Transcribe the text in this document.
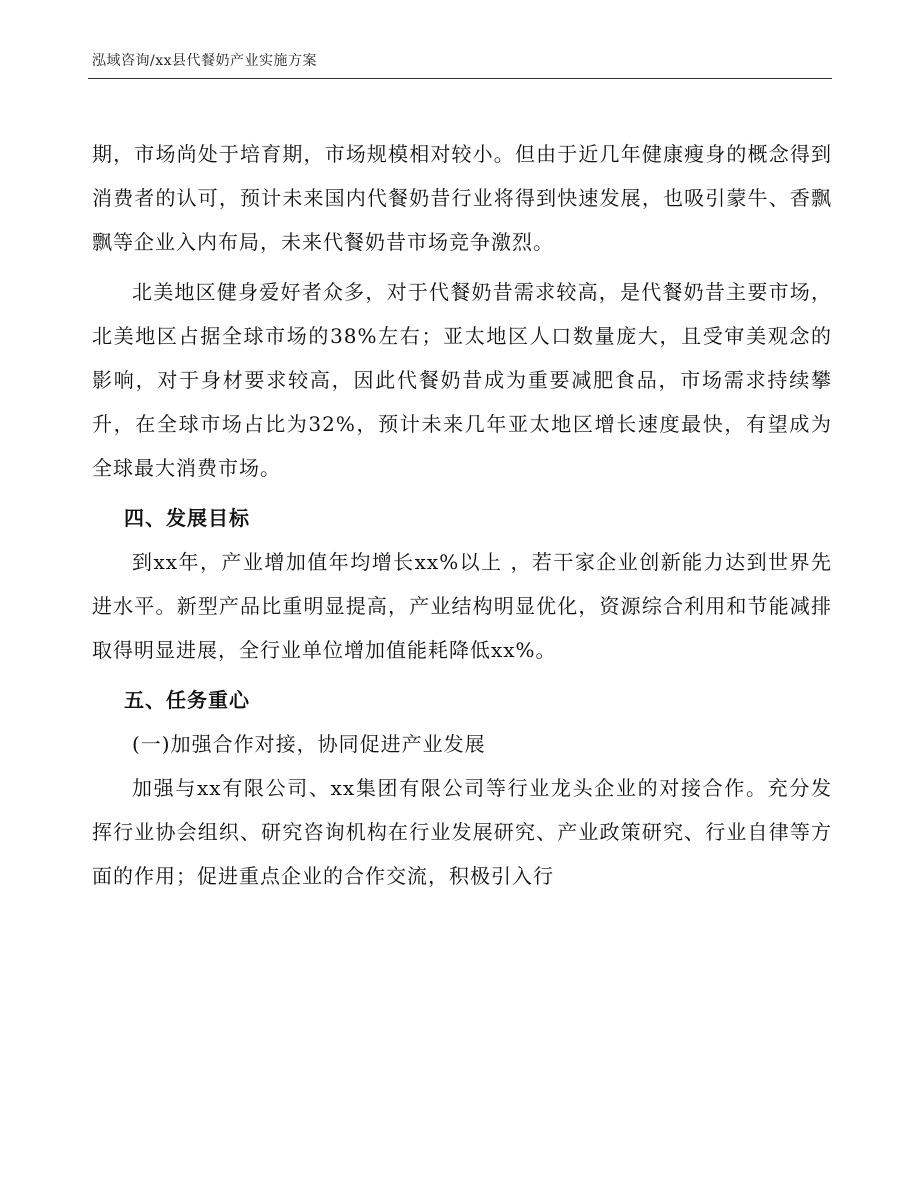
泓域咨询/xx县代餐奶产业实施方案

期，市场尚处于培育期，市场规模相对较小。但由于近几年健康瘦身的概念得到消费者的认可，预计未来国内代餐奶昔行业将得到快速发展，也吸引蒙牛、香飘飘等企业入内布局，未来代餐奶昔市场竞争激烈。

北美地区健身爱好者众多，对于代餐奶昔需求较高，是代餐奶昔主要市场，北美地区占据全球市场的38%左右；亚太地区人口数量庞大，且受审美观念的影响，对于身材要求较高，因此代餐奶昔成为重要减肥食品，市场需求持续攀升，在全球市场占比为32%，预计未来几年亚太地区增长速度最快，有望成为全球最大消费市场。

四、发展目标

到xx年，产业增加值年均增长xx%以上 ，若干家企业创新能力达到世界先进水平。新型产品比重明显提高，产业结构明显优化，资源综合利用和节能减排取得明显进展，全行业单位增加值能耗降低xx%。

五、任务重心
(一)加强合作对接，协同促进产业发展

加强与xx有限公司、xx集团有限公司等行业龙头企业的对接合作。充分发挥行业协会组织、研究咨询机构在行业发展研究、产业政策研究、行业自律等方面的作用；促进重点企业的合作交流，积极引入行
